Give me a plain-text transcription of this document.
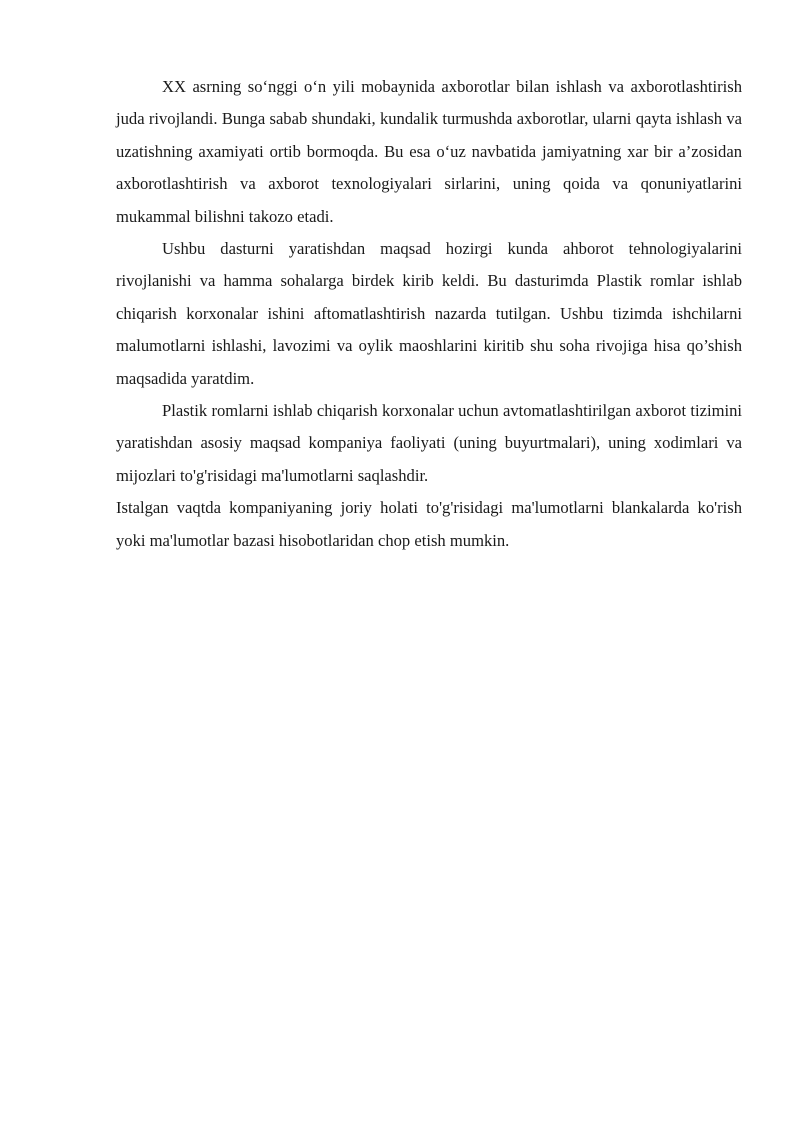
XX asrning so‘nggi o‘n yili mobaynida axborotlar bilan ishlash va axborotlashtirish juda rivojlandi. Bunga sabab shundaki, kundalik turmushda axborotlar, ularni qayta ishlash va uzatishning axamiyati ortib bormoqda. Bu esa o‘uz navbatida jamiyatning xar bir a’zosidan axborotlashtirish va axborot texnologiyalari sirlarini, uning qoida va qonuniyatlarini mukammal bilishni takozo etadi.

Ushbu dasturni yaratishdan maqsad hozirgi kunda ahborot tehnologiyalarini rivojlanishi va hamma sohalarga birdek kirib keldi. Bu dasturimda Plastik romlar ishlab chiqarish korxonalar ishini aftomatlashtirish nazarda tutilgan. Ushbu tizimda ishchilarni malumotlarni ishlashi, lavozimi va oylik maoshlarini kiritib shu soha rivojiga hisa qo’shish maqsadida yaratdim.

Plastik romlarni ishlab chiqarish korxonalar uchun avtomatlashtirilgan axborot tizimini yaratishdan asosiy maqsad kompaniya faoliyati (uning buyurtmalari), uning xodimlari va mijozlari to'g'risidagi ma'lumotlarni saqlashdir.

Istalgan vaqtda kompaniyaning joriy holati to'g'risidagi ma'lumotlarni blankalarda ko'rish yoki ma'lumotlar bazasi hisobotlaridan chop etish mumkin.
